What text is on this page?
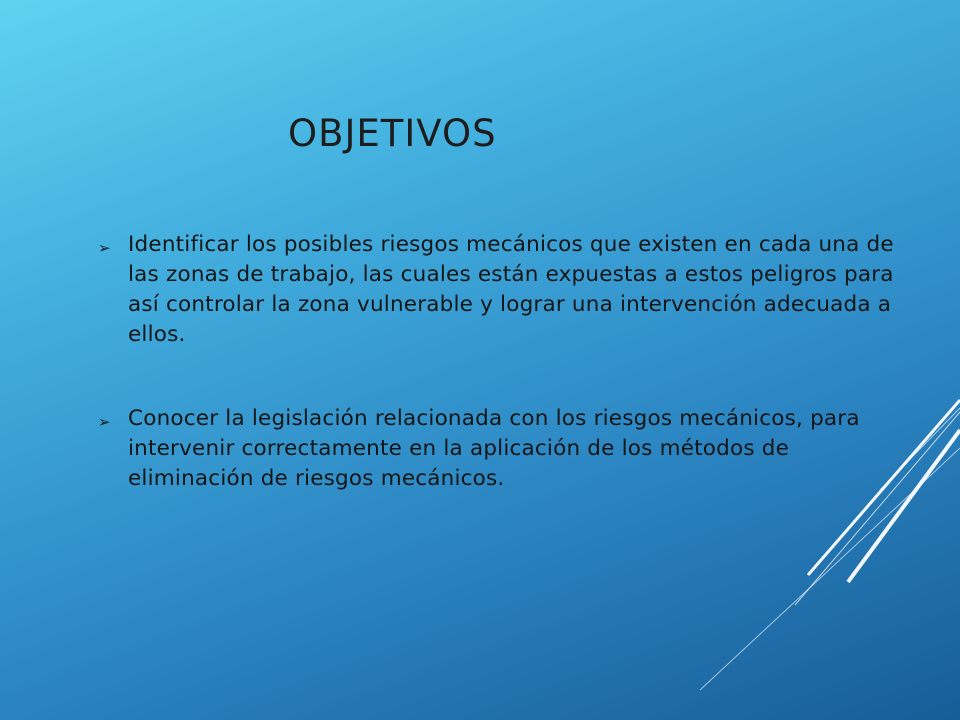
OBJETIVOS
➢ Identificar los posibles riesgos mecánicos que existen en cada una de las zonas de trabajo, las cuales están expuestas a estos peligros para así controlar la zona vulnerable y lograr una intervención adecuada a ellos.
➢ Conocer la legislación relacionada con los riesgos mecánicos, para intervenir correctamente en la aplicación de los métodos de eliminación de riesgos mecánicos.
